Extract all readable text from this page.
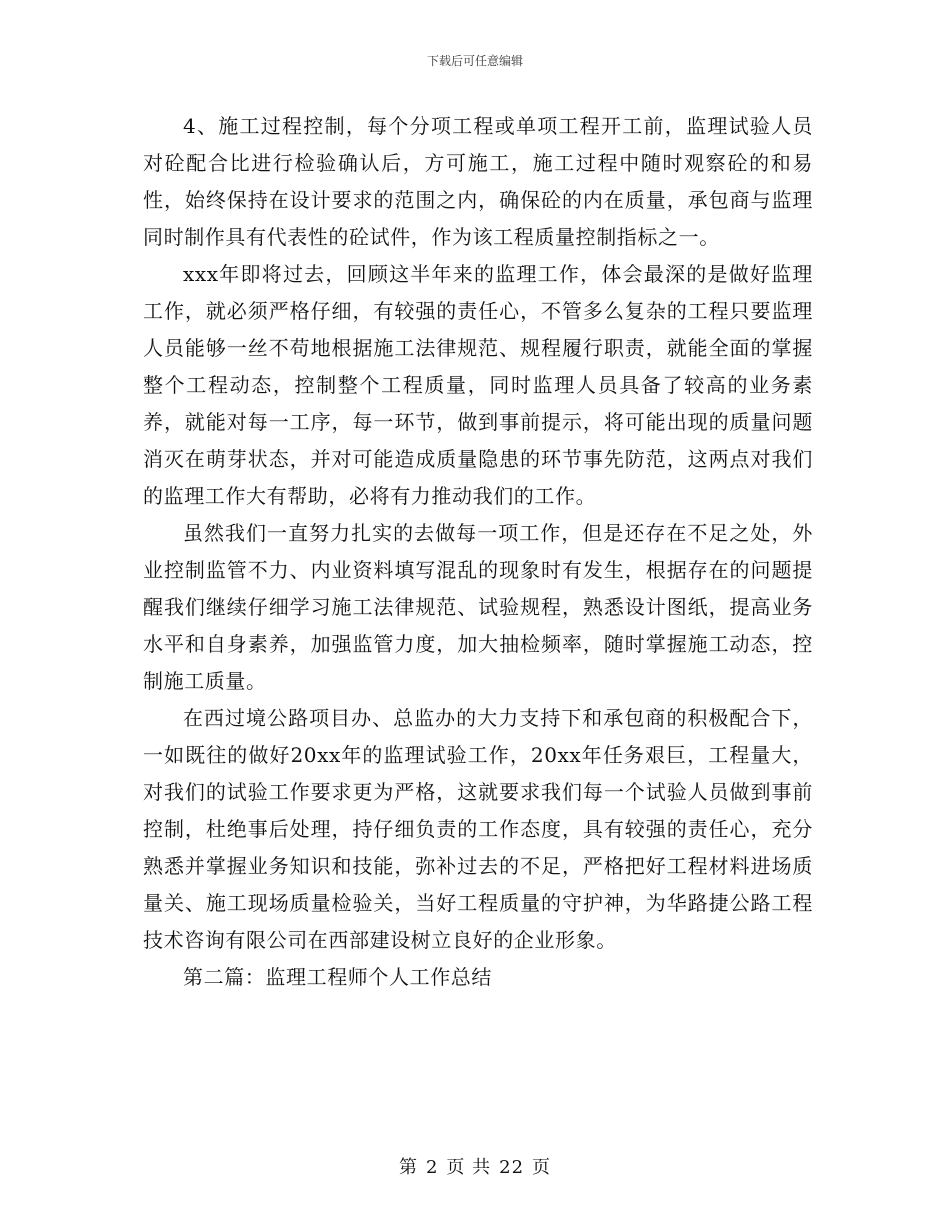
下载后可任意编辑

4、施工过程控制，每个分项工程或单项工程开工前，监理试验人员对砼配合比进行检验确认后，方可施工，施工过程中随时观察砼的和易性，始终保持在设计要求的范围之内，确保砼的内在质量，承包商与监理同时制作具有代表性的砼试件，作为该工程质量控制指标之一。

xxx年即将过去，回顾这半年来的监理工作，体会最深的是做好监理工作，就必须严格仔细，有较强的责任心，不管多么复杂的工程只要监理人员能够一丝不苟地根据施工法律规范、规程履行职责，就能全面的掌握整个工程动态，控制整个工程质量，同时监理人员具备了较高的业务素养，就能对每一工序，每一环节，做到事前提示，将可能出现的质量问题消灭在萌芽状态，并对可能造成质量隐患的环节事先防范，这两点对我们的监理工作大有帮助，必将有力推动我们的工作。

虽然我们一直努力扎实的去做每一项工作，但是还存在不足之处，外业控制监管不力、内业资料填写混乱的现象时有发生，根据存在的问题提醒我们继续仔细学习施工法律规范、试验规程，熟悉设计图纸，提高业务水平和自身素养，加强监管力度，加大抽检频率，随时掌握施工动态，控制施工质量。

在西过境公路项目办、总监办的大力支持下和承包商的积极配合下，一如既往的做好20xx年的监理试验工作，20xx年任务艰巨，工程量大，对我们的试验工作要求更为严格，这就要求我们每一个试验人员做到事前控制，杜绝事后处理，持仔细负责的工作态度，具有较强的责任心，充分熟悉并掌握业务知识和技能，弥补过去的不足，严格把好工程材料进场质量关、施工现场质量检验关，当好工程质量的守护神，为华路捷公路工程技术咨询有限公司在西部建设树立良好的企业形象。

第二篇：监理工程师个人工作总结

第 2 页 共 22 页
